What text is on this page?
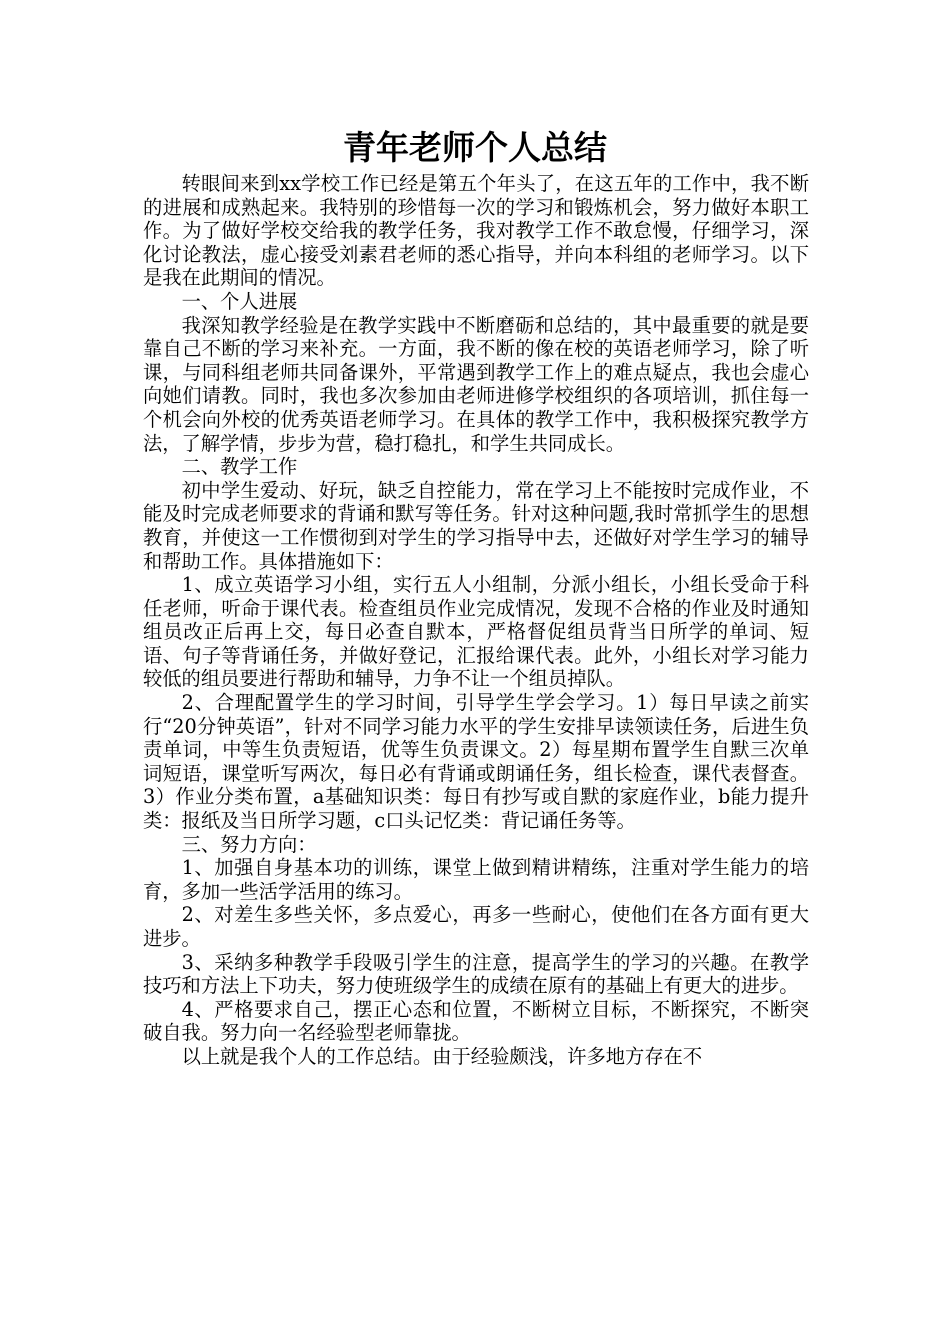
青年老师个人总结

转眼间来到xx学校工作已经是第五个年头了，在这五年的工作中，我不断的进展和成熟起来。我特别的珍惜每一次的学习和锻炼机会，努力做好本职工作。为了做好学校交给我的教学任务，我对教学工作不敢怠慢，仔细学习，深化讨论教法，虚心接受刘素君老师的悉心指导，并向本科组的老师学习。以下是我在此期间的情况。

一、个人进展

我深知教学经验是在教学实践中不断磨砺和总结的，其中最重要的就是要靠自己不断的学习来补充。一方面，我不断的像在校的英语老师学习，除了听课，与同科组老师共同备课外，平常遇到教学工作上的难点疑点，我也会虚心向她们请教。同时，我也多次参加由老师进修学校组织的各项培训，抓住每一个机会向外校的优秀英语老师学习。在具体的教学工作中，我积极探究教学方法，了解学情，步步为营，稳打稳扎，和学生共同成长。

二、教学工作

初中学生爱动、好玩，缺乏自控能力，常在学习上不能按时完成作业，不能及时完成老师要求的背诵和默写等任务。针对这种问题,我时常抓学生的思想教育，并使这一工作惯彻到对学生的学习指导中去，还做好对学生学习的辅导和帮助工作。具体措施如下：

1、成立英语学习小组，实行五人小组制，分派小组长，小组长受命于科任老师，听命于课代表。检查组员作业完成情况，发现不合格的作业及时通知组员改正后再上交，每日必查自默本，严格督促组员背当日所学的单词、短语、句子等背诵任务，并做好登记，汇报给课代表。此外，小组长对学习能力较低的组员要进行帮助和辅导，力争不让一个组员掉队。

2、合理配置学生的学习时间，引导学生学会学习。1）每日早读之前实行“20分钟英语”，针对不同学习能力水平的学生安排早读领读任务，后进生负责单词，中等生负责短语，优等生负责课文。2）每星期布置学生自默三次单词短语，课堂听写两次，每日必有背诵或朗诵任务，组长检查，课代表督查。3）作业分类布置，a基础知识类：每日有抄写或自默的家庭作业，b能力提升类：报纸及当日所学习题，c口头记忆类：背记诵任务等。

三、努力方向：

1、加强自身基本功的训练，课堂上做到精讲精练，注重对学生能力的培育，多加一些活学活用的练习。

2、对差生多些关怀，多点爱心，再多一些耐心，使他们在各方面有更大进步。

3、采纳多种教学手段吸引学生的注意，提高学生的学习的兴趣。在教学技巧和方法上下功夫，努力使班级学生的成绩在原有的基础上有更大的进步。

4、严格要求自己，摆正心态和位置，不断树立目标，不断探究，不断突破自我。努力向一名经验型老师靠拢。

以上就是我个人的工作总结。由于经验颇浅，许多地方存在不
